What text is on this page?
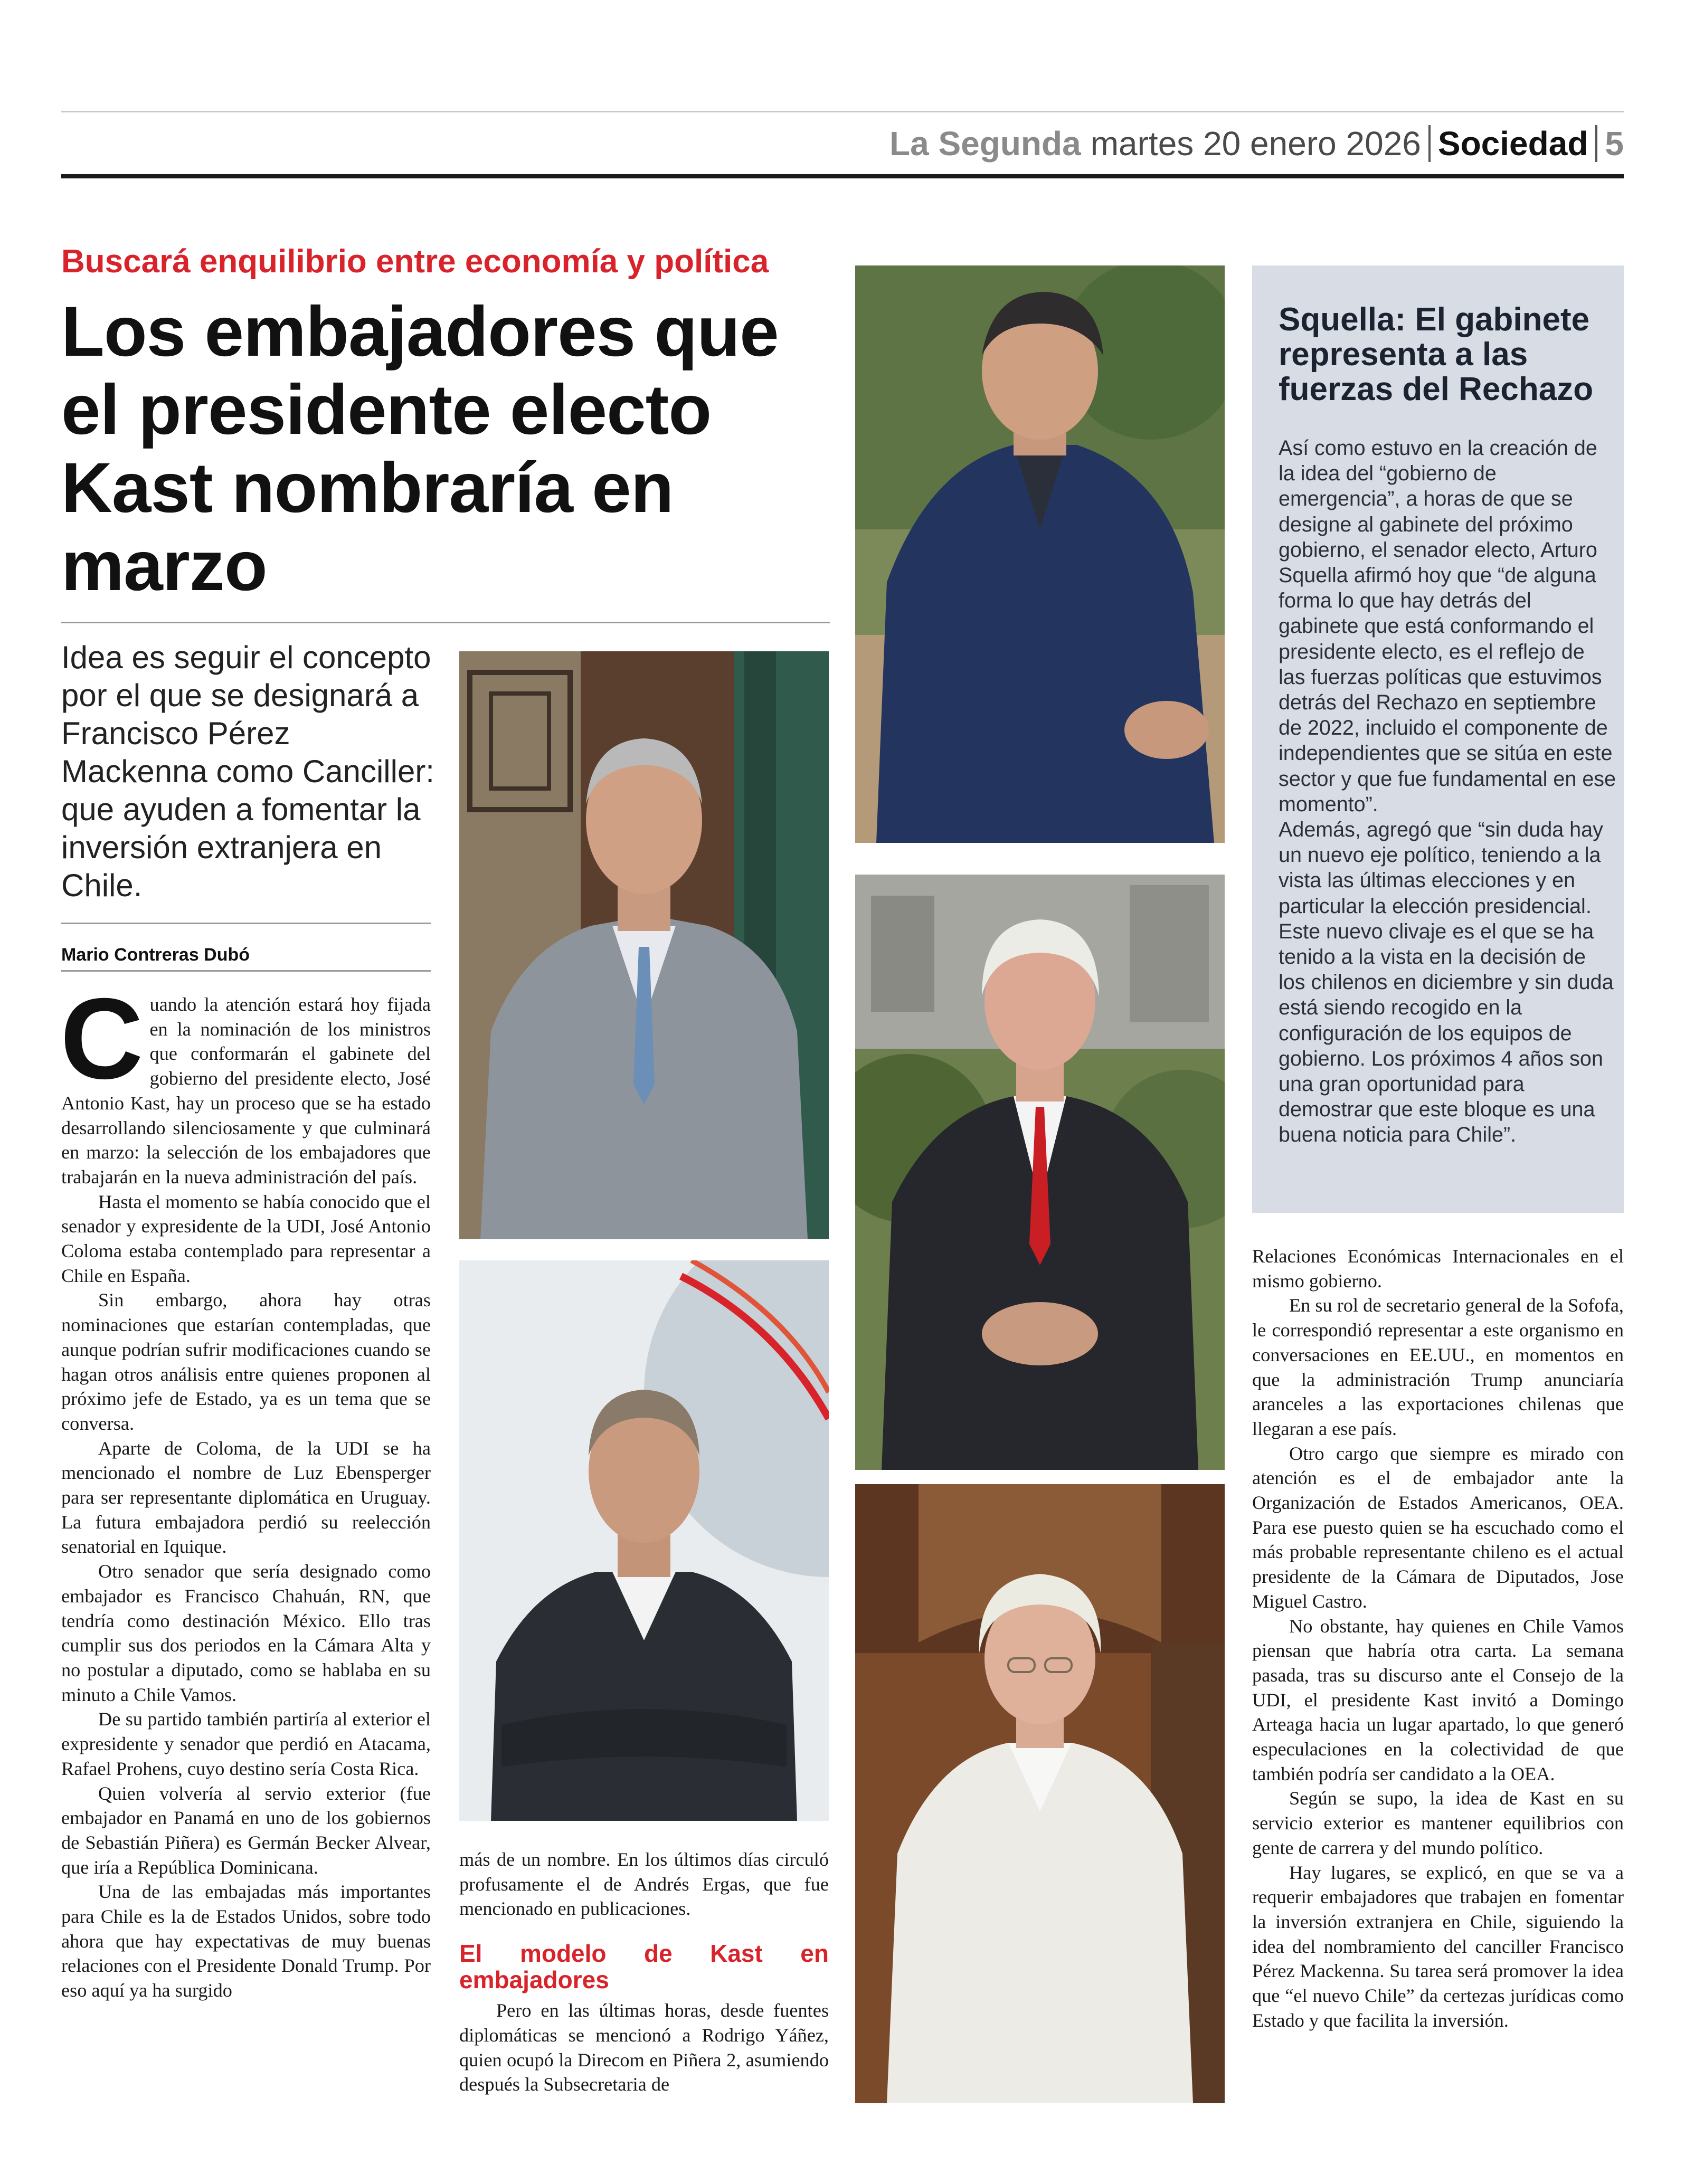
La Segunda martes 20 enero 2026 Sociedad 5
Buscará enquilibrio entre economía y política
Los embajadores que el presidente electo Kast nombraría en marzo
Idea es seguir el concepto por el que se designará a Francisco Pérez Mackenna como Canciller: que ayuden a fomentar la inversión extranjera en Chile.
Mario Contreras Dubó

Cuando la atención estará hoy fijada en la nominación de los ministros que conformarán el gabinete del gobierno del presidente electo, José Antonio Kast, hay un proceso que se ha estado desarrollando silenciosamente y que culminará en marzo: la selección de los embajadores que trabajarán en la nueva administración del país.

Hasta el momento se había conocido que el senador y expresidente de la UDI, José Antonio Coloma estaba contemplado para representar a Chile en España.

Sin embargo, ahora hay otras nominaciones que estarían contempladas, que aunque podrían sufrir modificaciones cuando se hagan otros análisis entre quienes proponen al próximo jefe de Estado, ya es un tema que se conversa.

Aparte de Coloma, de la UDI se ha mencionado el nombre de Luz Ebensperger para ser representante diplomática en Uruguay. La futura embajadora perdió su reelección senatorial en Iquique.

Otro senador que sería designado como embajador es Francisco Chahuán, RN, que tendría como destinación México. Ello tras cumplir sus dos periodos en la Cámara Alta y no postular a diputado, como se hablaba en su minuto a Chile Vamos.

De su partido también partiría al exterior el expresidente y senador que perdió en Atacama, Rafael Prohens, cuyo destino sería Costa Rica.

Quien volvería al servio exterior (fue embajador en Panamá en uno de los gobiernos de Sebastián Piñera) es Germán Becker Alvear, que iría a República Dominicana.

Una de las embajadas más importantes para Chile es la de Estados Unidos, sobre todo ahora que hay expectativas de muy buenas relaciones con el Presidente Donald Trump. Por eso aquí ya ha surgido

más de un nombre. En los últimos días circuló profusamente el de Andrés Ergas, que fue mencionado en publicaciones.

El modelo de Kast en embajadores

Pero en las últimas horas, desde fuentes diplomáticas se mencionó a Rodrigo Yáñez, quien ocupó la Direcom en Piñera 2, asumiendo después la Subsecretaria de

Relaciones Económicas Internacionales en el mismo gobierno.

En su rol de secretario general de la Sofofa, le correspondió representar a este organismo en conversaciones en EE.UU., en momentos en que la administración Trump anunciaría aranceles a las exportaciones chilenas que llegaran a ese país.

Otro cargo que siempre es mirado con atención es el de embajador ante la Organización de Estados Americanos, OEA. Para ese puesto quien se ha escuchado como el más probable representante chileno es el actual presidente de la Cámara de Diputados, Jose Miguel Castro.

No obstante, hay quienes en Chile Vamos piensan que habría otra carta. La semana pasada, tras su discurso ante el Consejo de la UDI, el presidente Kast invitó a Domingo Arteaga hacia un lugar apartado, lo que generó especulaciones en la colectividad de que también podría ser candidato a la OEA.

Según se supo, la idea de Kast en su servicio exterior es mantener equilibrios con gente de carrera y del mundo político.

Hay lugares, se explicó, en que se va a requerir embajadores que trabajen en fomentar la inversión extranjera en Chile, siguiendo la idea del nombramiento del canciller Francisco Pérez Mackenna. Su tarea será promover la idea que “el nuevo Chile” da certezas jurídicas como Estado y que facilita la inversión.

Squella: El gabinete representa a las fuerzas del Rechazo

Así como estuvo en la creación de la idea del “gobierno de emergencia”, a horas de que se designe al gabinete del próximo gobierno, el senador electo, Arturo Squella afirmó hoy que “de alguna forma lo que hay detrás del gabinete que está conformando el presidente electo, es el reflejo de las fuerzas políticas que estuvimos detrás del Rechazo en septiembre de 2022, incluido el componente de independientes que se sitúa en este sector y que fue fundamental en ese momento”.

Además, agregó que “sin duda hay un nuevo eje político, teniendo a la vista las últimas elecciones y en particular la elección presidencial. Este nuevo clivaje es el que se ha tenido a la vista en la decisión de los chilenos en diciembre y sin duda está siendo recogido en la configuración de los equipos de gobierno. Los próximos 4 años son una gran oportunidad para demostrar que este bloque es una buena noticia para Chile”.
